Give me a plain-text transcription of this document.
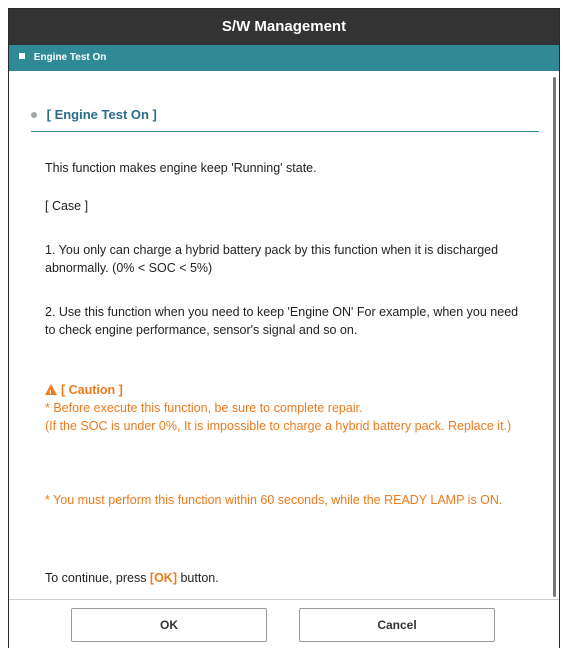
S/W Management
Engine Test On
[ Engine Test On ]
This function makes engine keep 'Running' state.
[ Case ]
1. You only can charge a hybrid battery pack by this function when it is discharged abnormally. (0% < SOC < 5%)
2. Use this function when you need to keep 'Engine ON' For example, when you need to check engine performance, sensor's signal and so on.
![ Caution ]
* Before execute this function, be sure to complete repair.
(If the SOC is under 0%, It is impossible to charge a hybrid battery pack. Replace it.)
* You must perform this function within 60 seconds, while the READY LAMP is ON.
To continue, press [OK] button.
OK	Cancel
